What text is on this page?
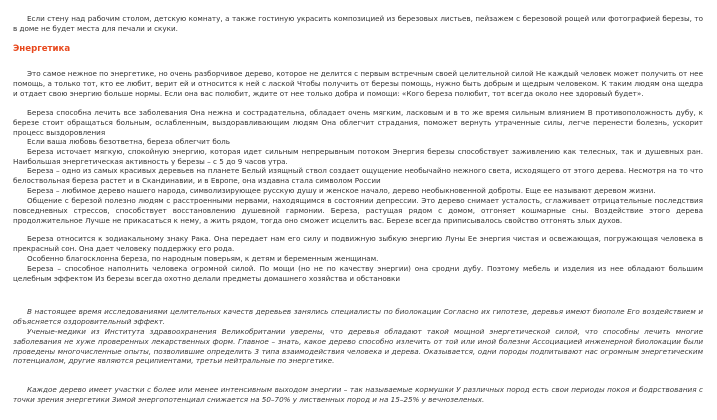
Если стену над рабочим столом, детскую комнату, а также гостиную украсить композицией из березовых листьев, пейзажем с березовой рощей или фотографией березы, то в доме не будет места для печали и скуки.

Энергетика

Это самое нежное по энергетике, но очень разборчивое дерево, которое не делится с первым встречным своей целительной силой Не каждый человек может получить от нее помощь, а только тот, кто ее любит, верит ей и относится к ней с лаской Чтобы получить от березы помощь, нужно быть добрым и щедрым человеком. К таким людям она щедра и отдает свою энергию больше нормы. Если она вас полюбит, ждите от нее только добра и помощи: «Кого береза полюбит, тот всегда около нее здоровый будет».

Береза способна лечить все заболевания Она нежна и сострадательна, обладает очень мягким, ласковым и в то же время сильным влиянием В противоположность дубу, к березе стоит обращаться больным, ослабленным, выздоравливающим людям Она облегчит страдания, поможет вернуть утраченные силы, легче перенести болезнь, ускорит процесс выздоровления

Если ваша любовь безответна, береза облегчит боль

Береза источает мягкую, спокойную энергию, которая идет сильным непрерывным потоком Энергия березы способствует заживлению как телесных, так и душевных ран. Наибольшая энергетическая активность у березы – с 5 до 9 часов утра.

Береза – одно из самых красивых деревьев на планете Белый изящный ствол создает ощущение необычайно нежного света, исходящего от этого дерева. Несмотря на то что белоствольная береза растет и в Скандинавии, и в Европе, она издавна стала символом России

Береза – любимое дерево нашего народа, символизирующее русскую душу и женское начало, дерево необыкновенной доброты. Еще ее называют деревом жизни.

Общение с березой полезно людям с расстроенными нервами, находящимся в состоянии депрессии. Это дерево снимает усталость, сглаживает отрицательные последствия повседневных стрессов, способствует восстановлению душевной гармонии. Береза, растущая рядом с домом, отгоняет кошмарные сны. Воздействие этого дерева продолжительное Лучше не прикасаться к нему, а жить рядом, тогда оно сможет исцелить вас. Березе всегда приписывалось свойство отгонять злых духов.

Береза относится к зодиакальному знаку Рака. Она передает нам его силу и подвижную зыбкую энергию Луны Ее энергия чистая и освежающая, погружающая человека в прекрасный сон. Она дает человеку поддержку его рода.

Особенно благосклонна береза, по народным поверьям, к детям и беременным женщинам.

Береза – способное наполнить человека огромной силой. По мощи (но не по качеству энергии) она сродни дубу. Поэтому мебель и изделия из нее обладают большим целебным эффектом Из березы всегда охотно делали предметы домашнего хозяйства и обстановки

В настоящее время исследованиями целительных качеств деревьев занялись специалисты по биолокации Согласно их гипотезе, деревья имеют биополе Его воздействием и объясняется оздоровительный эффект.

Ученые-медики из Института здравоохранения Великобритании уверены, что деревья обладают такой мощной энергетической силой, что способны лечить многие заболевания не хуже проверенных лекарственных форм. Главное – знать, какое дерево способно излечить от той или иной болезни Ассоциацией инженерной биолокации были проведены многочисленные опыты, позволившие определить 3 типа взаимодействия человека и дерева. Оказывается, одни породы подпитывают нас огромным энергетическим потенциалом, другие являются реципиентами, третьи нейтральные по энергетике.

Каждое дерево имеет участки с более или менее интенсивным выходом энергии – так называемые кормушки У различных пород есть свои периоды покоя и бодрствования с точки зрения энергетики Зимой энергопотенциал снижается на 50–70% у лиственных пород и на 15–25% у вечнозеленых.
